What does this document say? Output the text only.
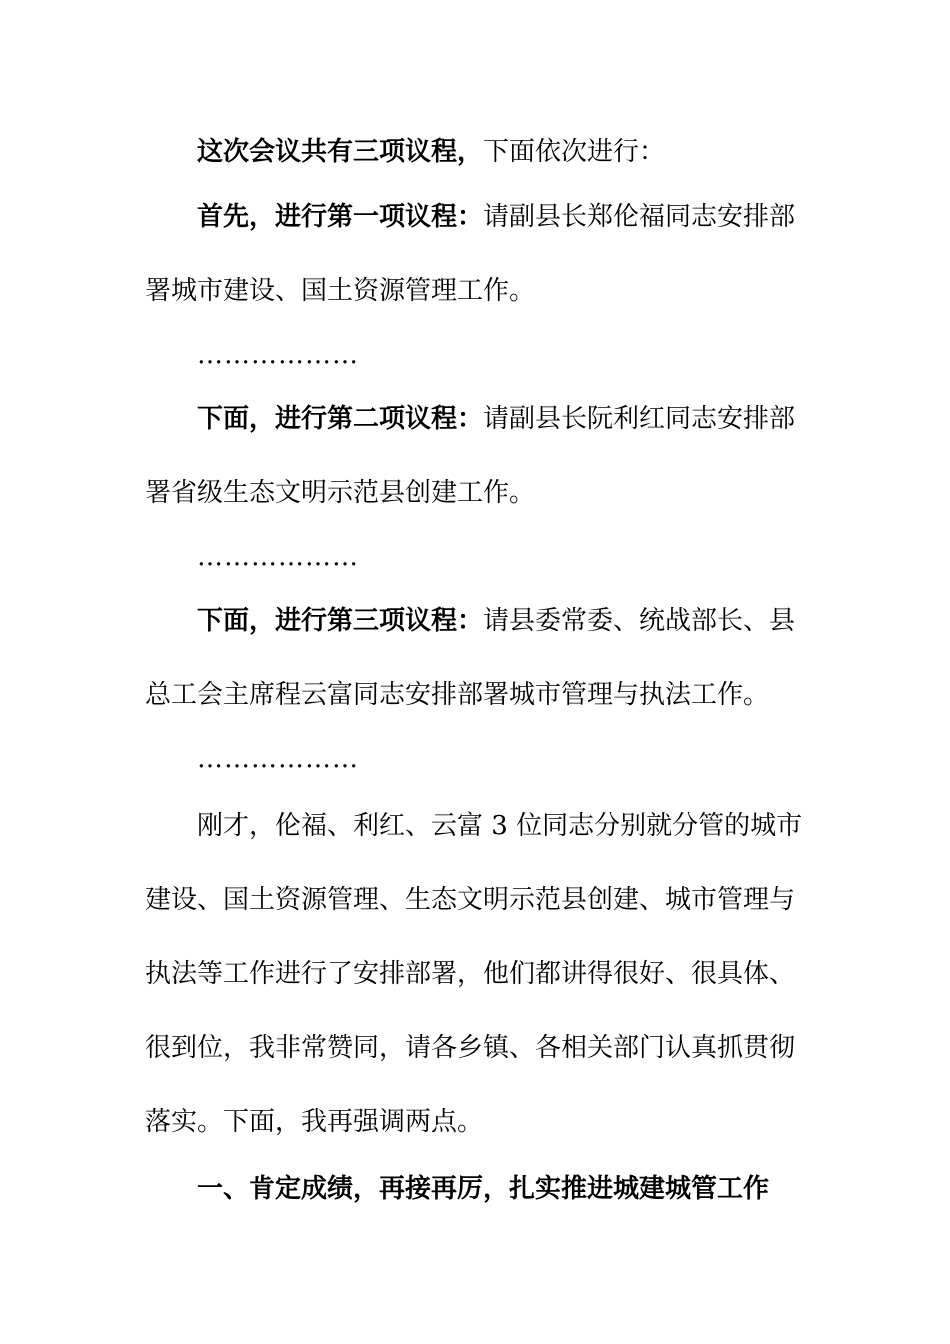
这次会议共有三项议程，下面依次进行：

首先，进行第一项议程：请副县长郑伦福同志安排部署城市建设、国土资源管理工作。

………………

下面，进行第二项议程：请副县长阮利红同志安排部署省级生态文明示范县创建工作。

………………

下面，进行第三项议程：请县委常委、统战部长、县总工会主席程云富同志安排部署城市管理与执法工作。

………………

刚才，伦福、利红、云富 3 位同志分别就分管的城市建设、国土资源管理、生态文明示范县创建、城市管理与执法等工作进行了安排部署，他们都讲得很好、很具体、很到位，我非常赞同，请各乡镇、各相关部门认真抓贯彻落实。下面，我再强调两点。

一、肯定成绩，再接再厉，扎实推进城建城管工作
